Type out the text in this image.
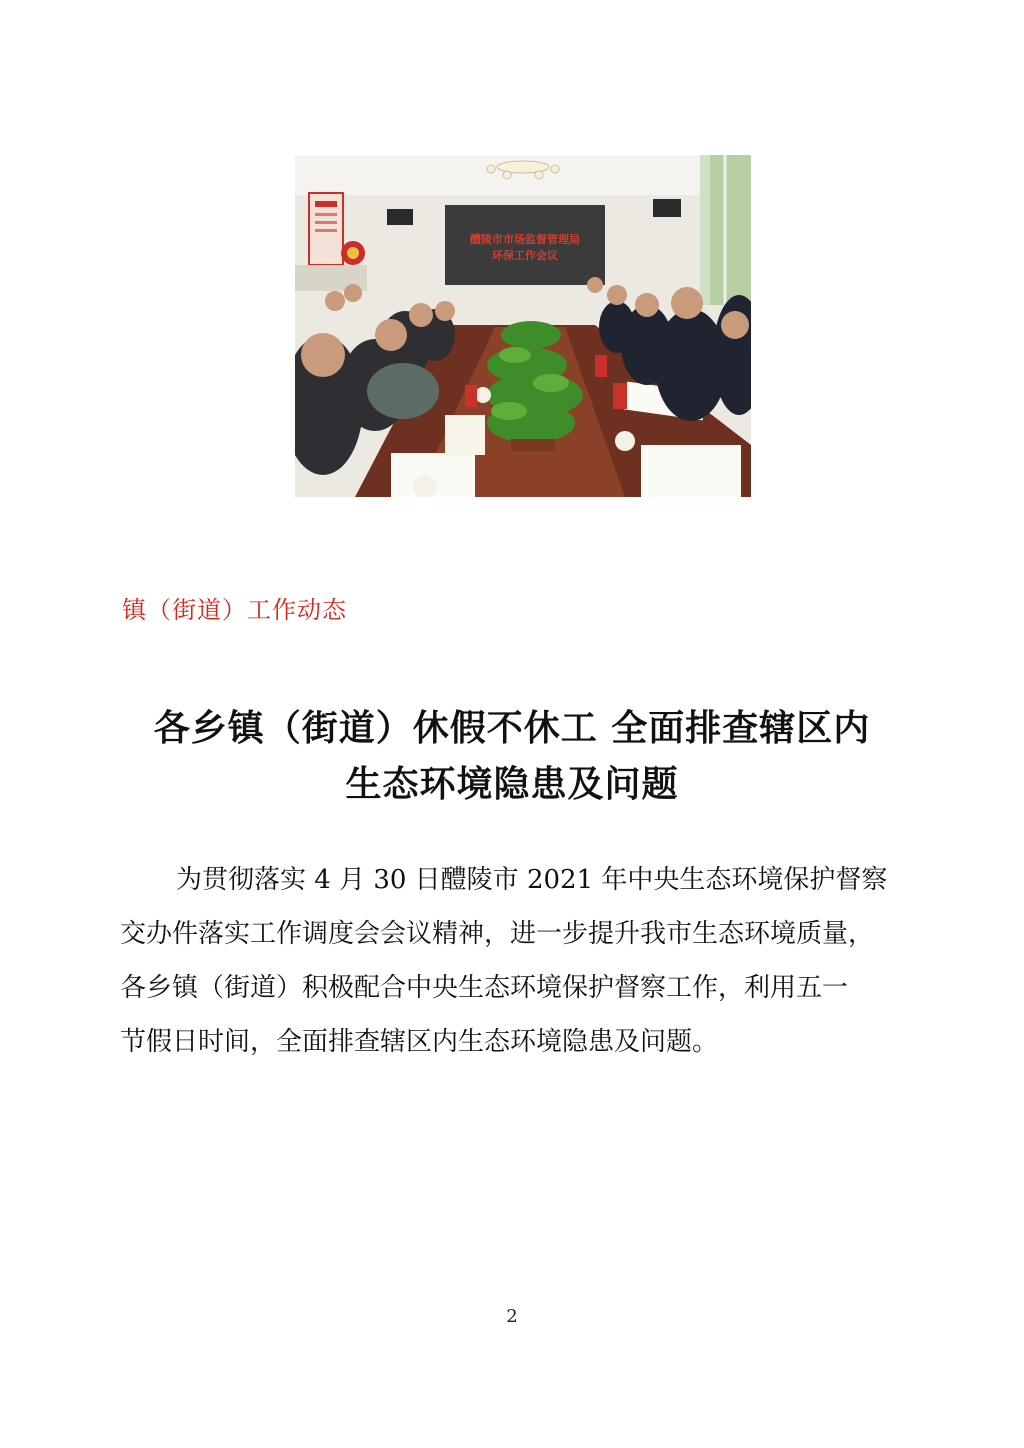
醴陵市市场监督管理局
环保工作会议
镇（街道）工作动态
各乡镇（街道）休假不休工 全面排查辖区内
生态环境隐患及问题
为贯彻落实 4 月 30 日醴陵市 2021 年中央生态环境保护督察
交办件落实工作调度会会议精神，进一步提升我市生态环境质量，
各乡镇（街道）积极配合中央生态环境保护督察工作，利用五一
节假日时间，全面排查辖区内生态环境隐患及问题。
2
